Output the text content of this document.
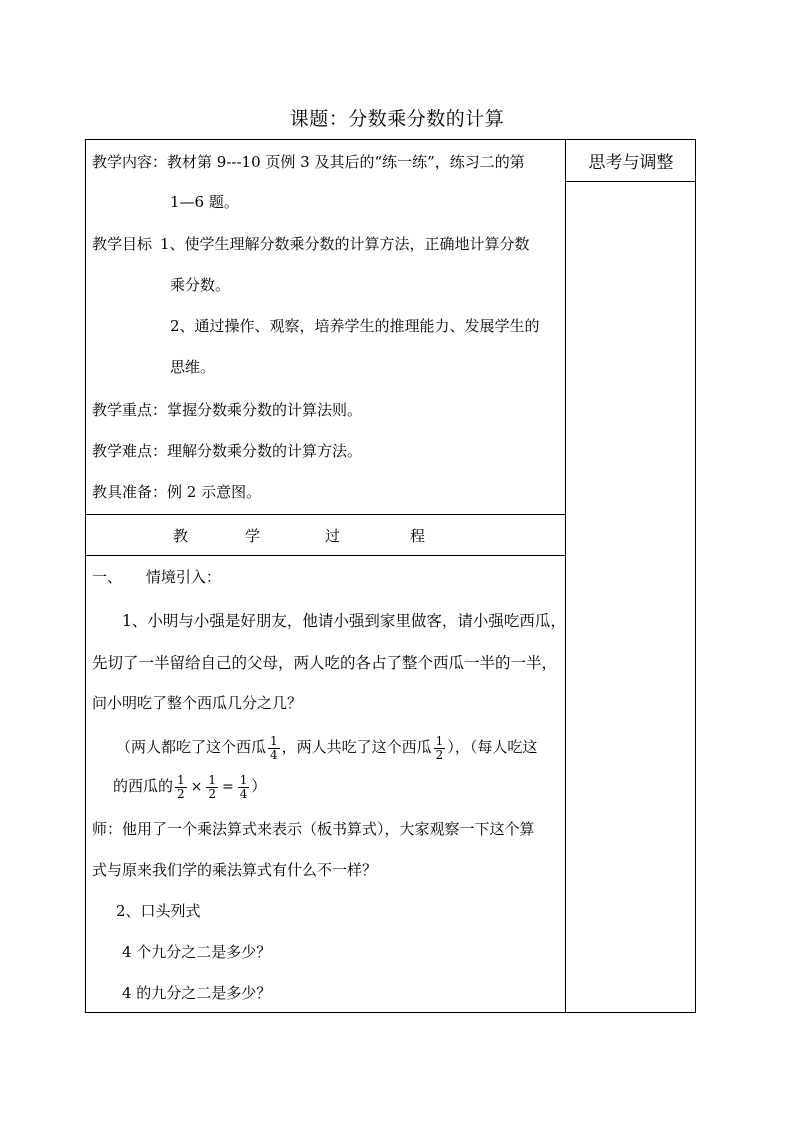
课题：分数乘分数的计算
思考与调整
教学内容：教材第 9---10 页例 3 及其后的“练一练”，练习二的第
1—6 题。
教学目标 1、使学生理解分数乘分数的计算方法，正确地计算分数
乘分数。
2、通过操作、观察，培养学生的推理能力、发展学生的
思维。
教学重点：掌握分数乘分数的计算法则。
教学难点：理解分数乘分数的计算方法。
教具准备：例 2 示意图。
教	学	过	程
一、     情境引入：
1、小明与小强是好朋友，他请小强到家里做客，请小强吃西瓜，
先切了一半留给自己的父母，两人吃的各占了整个西瓜一半的一半，
问小明吃了整个西瓜几分之几？
（两人都吃了这个西瓜 $\frac{1}{4}$ ，两人共吃了这个西瓜 $\frac{1}{2}$ ），（每人吃这
的西瓜的 $\frac{1}{2} \times \frac{1}{2} = \frac{1}{4}$ ）
师：他用了一个乘法算式来表示（板书算式），大家观察一下这个算
式与原来我们学的乘法算式有什么不一样？
2、口头列式
4 个九分之二是多少？
4 的九分之二是多少？
